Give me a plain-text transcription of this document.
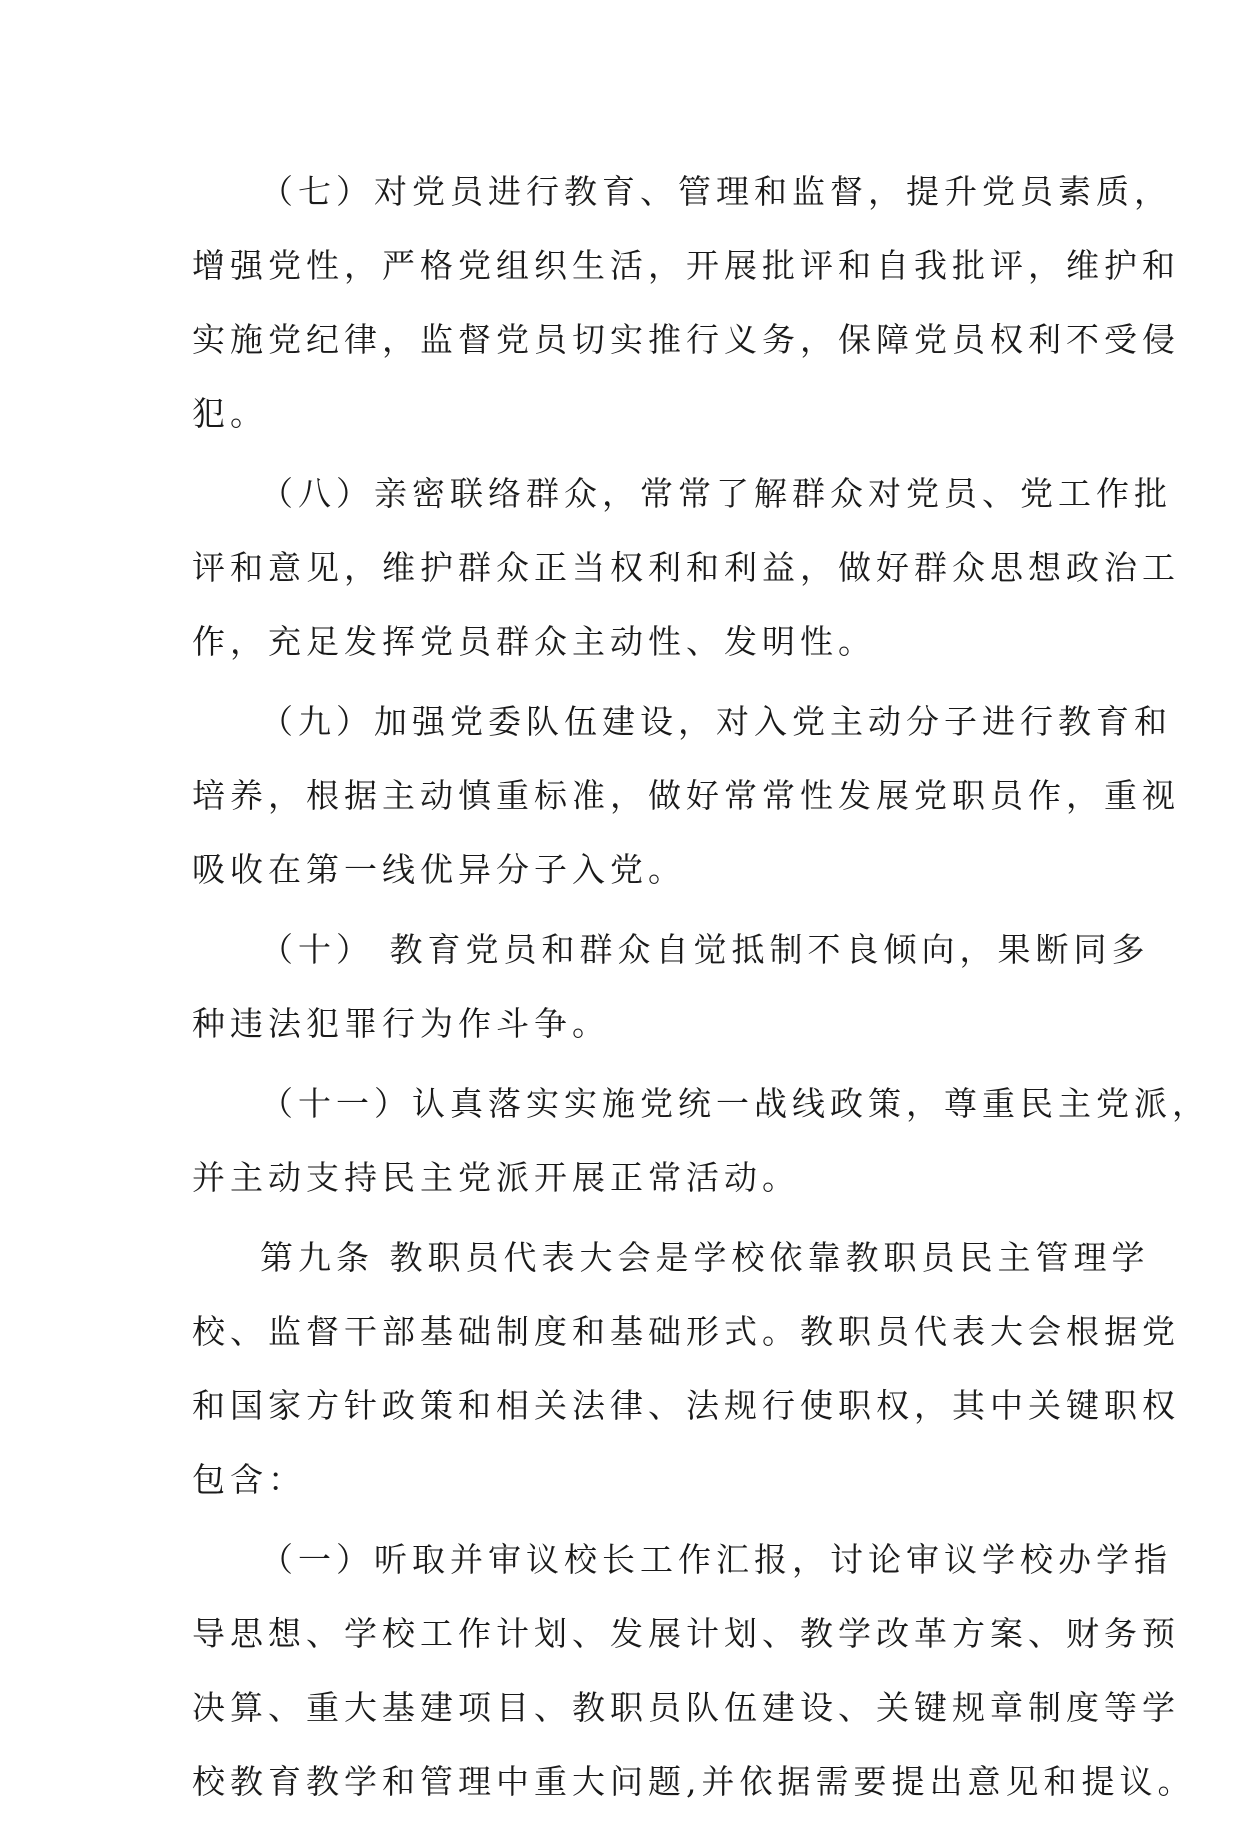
（七）对党员进行教育、管理和监督，提升党员素质，
增强党性，严格党组织生活，开展批评和自我批评，维护和
实施党纪律，监督党员切实推行义务，保障党员权利不受侵
犯。

（八）亲密联络群众，常常了解群众对党员、党工作批
评和意见，维护群众正当权利和利益，做好群众思想政治工
作，充足发挥党员群众主动性、发明性。

（九）加强党委队伍建设，对入党主动分子进行教育和
培养，根据主动慎重标准，做好常常性发展党职员作，重视
吸收在第一线优异分子入党。

（十） 教育党员和群众自觉抵制不良倾向，果断同多
种违法犯罪行为作斗争。

（十一）认真落实实施党统一战线政策，尊重民主党派，
并主动支持民主党派开展正常活动。

第九条 教职员代表大会是学校依靠教职员民主管理学
校、监督干部基础制度和基础形式。教职员代表大会根据党
和国家方针政策和相关法律、法规行使职权，其中关键职权
包含：

（一）听取并审议校长工作汇报，讨论审议学校办学指
导思想、学校工作计划、发展计划、教学改革方案、财务预
决算、重大基建项目、教职员队伍建设、关键规章制度等学
校教育教学和管理中重大问题,并依据需要提出意见和提议。
